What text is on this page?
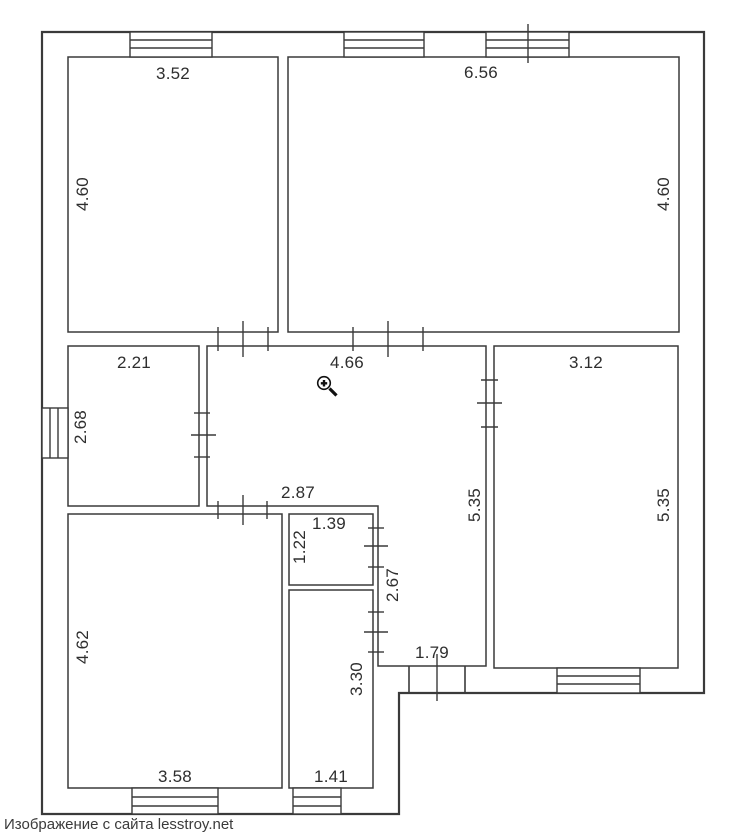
3.52	6.56
4.60	4.60
2.21	4.66	3.12
2.68
5.35	5.35
2.87
1.39
1.22
2.67
1.79
4.62
3.30
3.58	1.41
Изображение с сайта lesstroy.net
